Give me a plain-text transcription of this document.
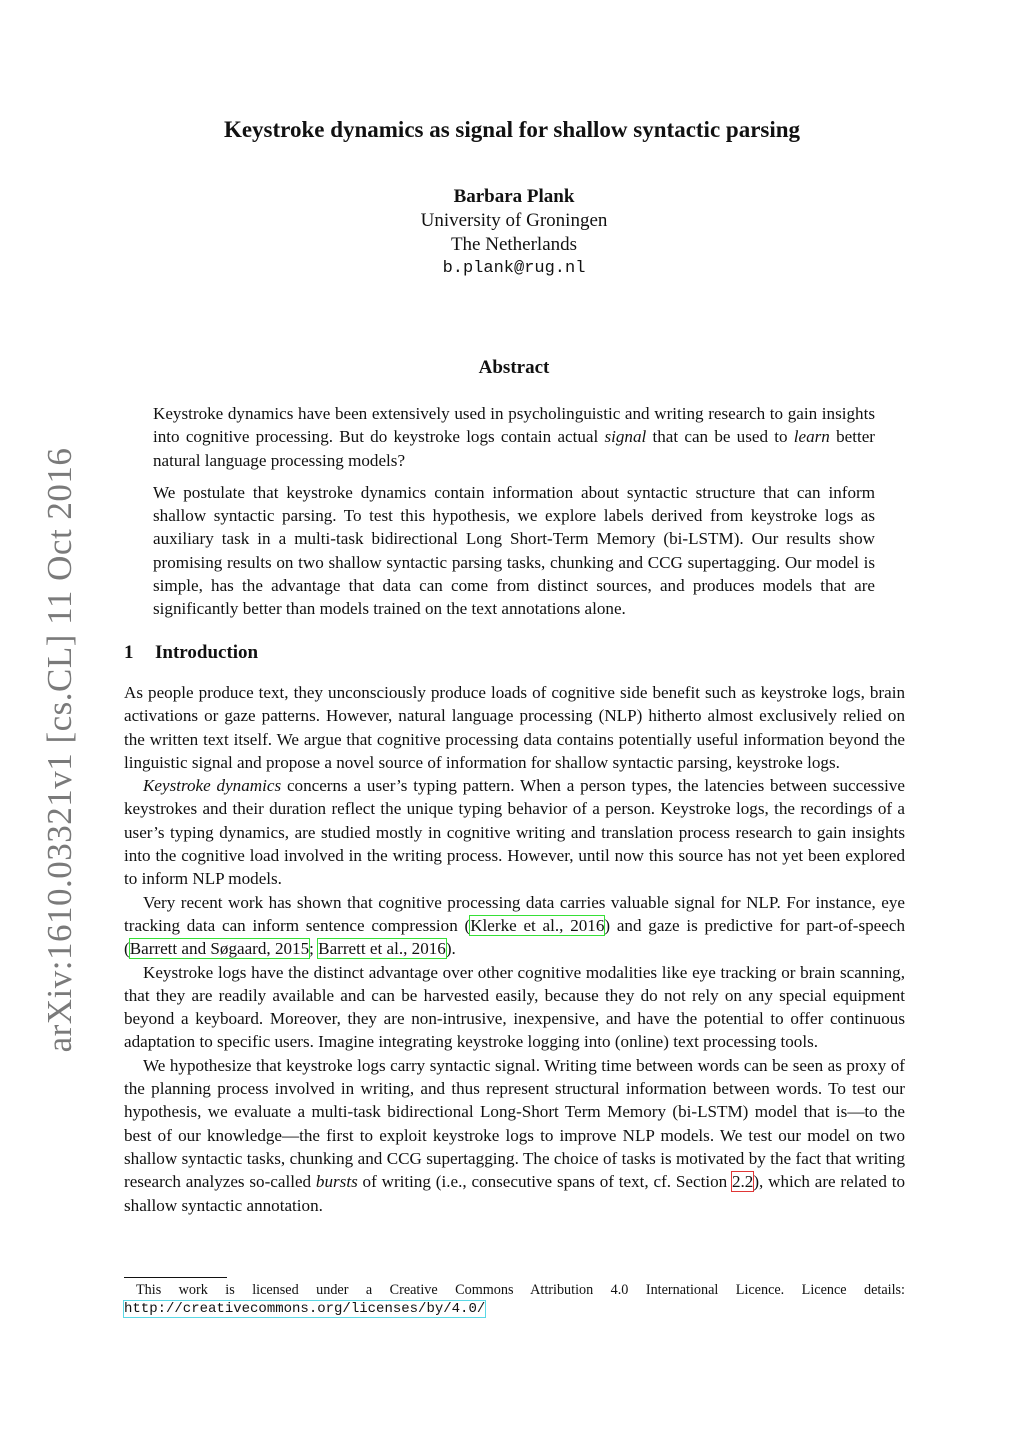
arXiv:1610.03321v1 [cs.CL] 11 Oct 2016
Keystroke dynamics as signal for shallow syntactic parsing
Barbara Plank
University of Groningen
The Netherlands
b.plank@rug.nl
Abstract

Keystroke dynamics have been extensively used in psycholinguistic and writing research to gain insights into cognitive processing. But do keystroke logs contain actual signal that can be used to learn better natural language processing models?

We postulate that keystroke dynamics contain information about syntactic structure that can inform shallow syntactic parsing. To test this hypothesis, we explore labels derived from keystroke logs as auxiliary task in a multi-task bidirectional Long Short-Term Memory (bi-LSTM). Our results show promising results on two shallow syntactic parsing tasks, chunking and CCG supertagging. Our model is simple, has the advantage that data can come from distinct sources, and produces models that are significantly better than models trained on the text annotations alone.

1 Introduction

As people produce text, they unconsciously produce loads of cognitive side benefit such as keystroke logs, brain activations or gaze patterns. However, natural language processing (NLP) hitherto almost exclusively relied on the written text itself. We argue that cognitive processing data contains potentially useful information beyond the linguistic signal and propose a novel source of information for shallow syntactic parsing, keystroke logs.

Keystroke dynamics concerns a user’s typing pattern. When a person types, the latencies between successive keystrokes and their duration reflect the unique typing behavior of a person. Keystroke logs, the recordings of a user’s typing dynamics, are studied mostly in cognitive writing and translation process research to gain insights into the cognitive load involved in the writing process. However, until now this source has not yet been explored to inform NLP models.

Very recent work has shown that cognitive processing data carries valuable signal for NLP. For instance, eye tracking data can inform sentence compression (Klerke et al., 2016) and gaze is predictive for part-of-speech (Barrett and Søgaard, 2015; Barrett et al., 2016).

Keystroke logs have the distinct advantage over other cognitive modalities like eye tracking or brain scanning, that they are readily available and can be harvested easily, because they do not rely on any special equipment beyond a keyboard. Moreover, they are non-intrusive, inexpensive, and have the potential to offer continuous adaptation to specific users. Imagine integrating keystroke logging into (online) text processing tools.

We hypothesize that keystroke logs carry syntactic signal. Writing time between words can be seen as proxy of the planning process involved in writing, and thus represent structural information between words. To test our hypothesis, we evaluate a multi-task bidirectional Long-Short Term Memory (bi-LSTM) model that is—to the best of our knowledge—the first to exploit keystroke logs to improve NLP models. We test our model on two shallow syntactic tasks, chunking and CCG supertagging. The choice of tasks is motivated by the fact that writing research analyzes so-called bursts of writing (i.e., consecutive spans of text, cf. Section 2.2), which are related to shallow syntactic annotation.

This work is licensed under a Creative Commons Attribution 4.0 International Licence. Licence details: http://creativecommons.org/licenses/by/4.0/
